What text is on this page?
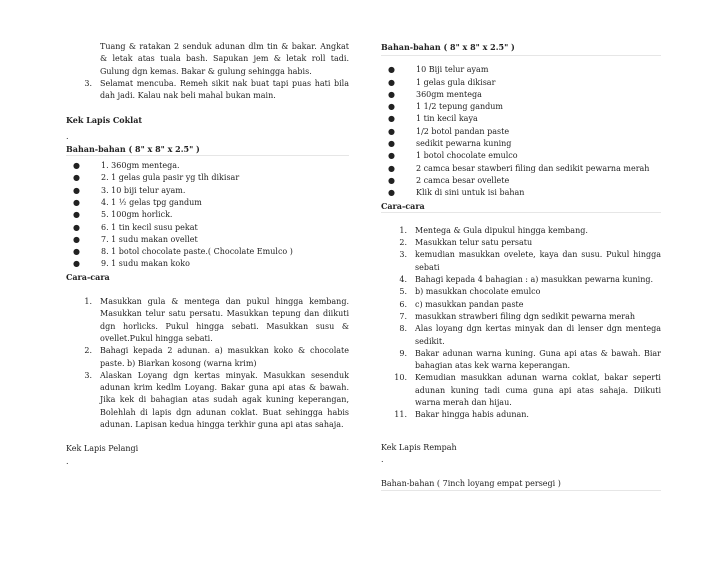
Tuang & ratakan 2 senduk adunan dlm tin & bakar. Angkat & letak atas tuala bash. Sapukan jem & letak roll tadi. Gulung dgn kemas. Bakar & gulung sehingga habis.
3. Selamat mencuba. Remeh sikit nak buat tapi puas hati bila dah jadi. Kalau nak beli mahal bukan main.
Kek Lapis Coklat
.
Bahan-bahan ( 8" x 8" x 2.5" )
●	1. 360gm mentega.
●	2. 1 gelas gula pasir yg tlh dikisar
●	3. 10 biji telur ayam.
●	4. 1 ½ gelas tpg gandum
●	5. 100gm horlick.
●	6. 1 tin kecil susu pekat
●	7. 1 sudu makan ovellet
●	8. 1 botol chocolate paste.( Chocolate Emulco )
●	9. 1 sudu makan koko
Cara-cara
1. Masukkan gula & mentega dan pukul hingga kembang. Masukkan telur satu persatu. Masukkan tepung dan diikuti dgn horlicks. Pukul hingga sebati. Masukkan susu & ovellet.Pukul hingga sebati.
2. Bahagi kepada 2 adunan. a) masukkan koko & chocolate paste. b) Biarkan kosong (warna krim)
3. Alaskan Loyang dgn kertas minyak. Masukkan sesenduk adunan krim kedlm Loyang. Bakar guna api atas & bawah. Jika kek di bahagian atas sudah agak kuning keperangan, Bolehlah di lapis dgn adunan coklat. Buat sehingga habis adunan. Lapisan kedua hingga terkhir guna api atas sahaja.
Kek Lapis Pelangi
.
Bahan-bahan ( 8" x 8" x 2.5" )
●	10 Biji telur ayam
●	1 gelas gula dikisar
●	360gm mentega
●	1 1/2 tepung gandum
●	1 tin kecil kaya
●	1/2 botol pandan paste
●	sedikit pewarna kuning
●	1 botol chocolate emulco
●	2 camca besar stawberi filing dan sedikit pewarna merah
●	2 camca besar ovellete
●	Klik di sini untuk isi bahan
Cara-cara
1. Mentega & Gula dipukul hingga kembang.
2. Masukkan telur satu persatu
3. kemudian masukkan ovelete, kaya dan susu. Pukul hingga sebati
4. Bahagi kepada 4 bahagian : a) masukkan pewarna kuning.
5. b) masukkan chocolate emulco
6. c) masukkan pandan paste
7. masukkan strawberi filing dgn sedikit pewarna merah
8. Alas loyang dgn kertas minyak dan di lenser dgn mentega sedikit.
9. Bakar adunan warna kuning. Guna api atas & bawah. Biar bahagian atas kek warna keperangan.
10. Kemudian masukkan adunan warna coklat, bakar seperti adunan kuning tadi cuma guna api atas sahaja. Diikuti warna merah dan hijau.
11. Bakar hingga habis adunan.
Kek Lapis Rempah
.
Bahan-bahan ( 7inch loyang empat persegi )
